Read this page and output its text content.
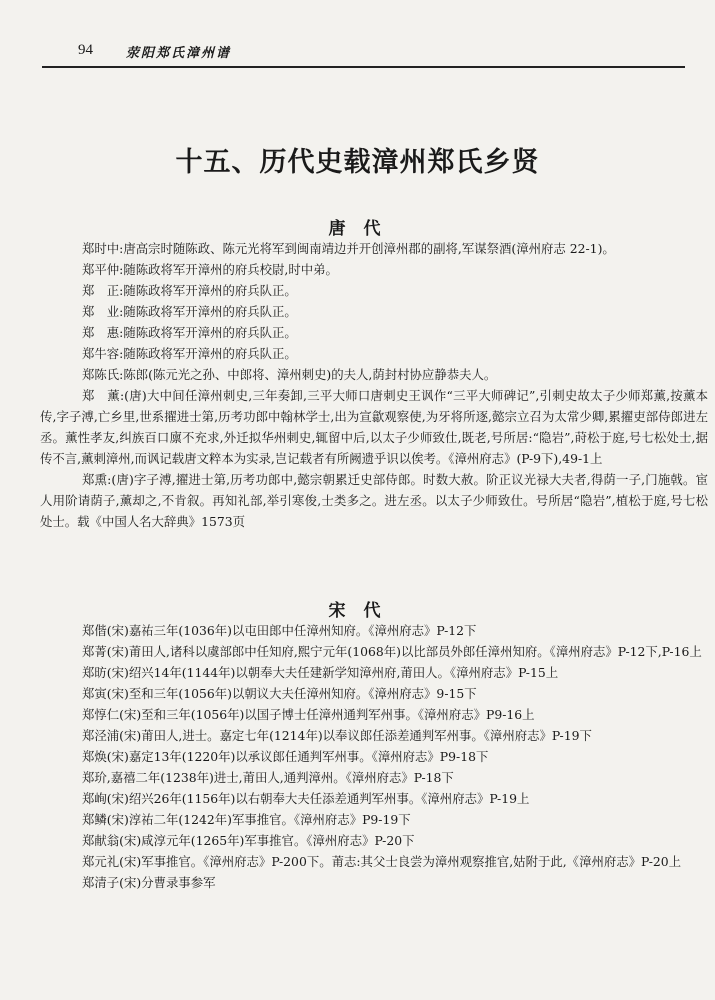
94	荥阳郑氏漳州谱
十五、历代史载漳州郑氏乡贤
唐 代
郑时中:唐高宗时随陈政、陈元光将军到闽南靖边并开创漳州郡的副将,军谋祭酒(漳州府志 22-1)。
郑平仲:随陈政将军开漳州的府兵校尉,时中弟。
郑　正:随陈政将军开漳州的府兵队正。
郑　业:随陈政将军开漳州的府兵队正。
郑　惠:随陈政将军开漳州的府兵队正。
郑牛容:随陈政将军开漳州的府兵队正。
郑陈氏:陈郎(陈元光之孙、中郎将、漳州刺史)的夫人,荫封村协应静恭夫人。
郑　薰:(唐)大中间任漳州刺史,三年奏卸,三平大师口唐刺史王讽作“三平大师碑记”,引刺史故太子少师郑薰,按薰本传,字子溥,亡乡里,世系擢进士第,历考功郎中翰林学士,出为宣歙观察使,为牙将所逐,懿宗立召为太常少卿,累擢吏部侍郎进左丞。薰性孝友,纠族百口廪不充求,外迁拟华州刺史,辄留中后,以太子少师致仕,既老,号所居:“隐岩”,莳松于庭,号七松处士,据传不言,薰刺漳州,而讽记载唐文粹本为实录,岂记载者有所阙遗乎识以俟考。《漳州府志》(P-9下),49-1上
郑熏:(唐)字子溥,擢进士第,历考功郎中,懿宗朝累迁史部侍郎。时数大赦。阶正议光禄大夫者,得荫一子,门施戟。宦人用阶请荫子,薰却之,不肯叙。再知礼部,举引寒俊,士类多之。进左丞。以太子少师致仕。号所居“隐岩”,植松于庭,号七松处士。载《中国人名大辞典》1573页
宋 代
郑偕(宋)嘉祐三年(1036年)以屯田郎中任漳州知府。《漳州府志》P-12下
郑菁(宋)莆田人,诸科以虞部郎中任知府,熙宁元年(1068年)以比部员外郎任漳州知府。《漳州府志》P-12下,P-16上
郑昉(宋)绍兴14年(1144年)以朝奉大夫任建新学知漳州府,莆田人。《漳州府志》P-15上
郑寅(宋)至和三年(1056年)以朝议大夫任漳州知府。《漳州府志》9-15下
郑惇仁(宋)至和三年(1056年)以国子博士任漳州通判军州事。《漳州府志》P9-16上
郑泾浦(宋)莆田人,进士。嘉定七年(1214年)以奉议郎任添差通判军州事。《漳州府志》P-19下
郑焕(宋)嘉定13年(1220年)以承议郎任通判军州事。《漳州府志》P9-18下
郑玠,嘉禧二年(1238年)进士,莆田人,通判漳州。《漳州府志》P-18下
郑峋(宋)绍兴26年(1156年)以右朝奉大夫任添差通判军州事。《漳州府志》P-19上
郑鳞(宋)淳祐二年(1242年)军事推官。《漳州府志》P9-19下
郑献翁(宋)咸淳元年(1265年)军事推官。《漳州府志》P-20下
郑元礼(宋)军事推官。《漳州府志》P-200下。莆志:其父士良尝为漳州观察推官,姑附于此,《漳州府志》P-20上
郑清子(宋)分曹录事参军
